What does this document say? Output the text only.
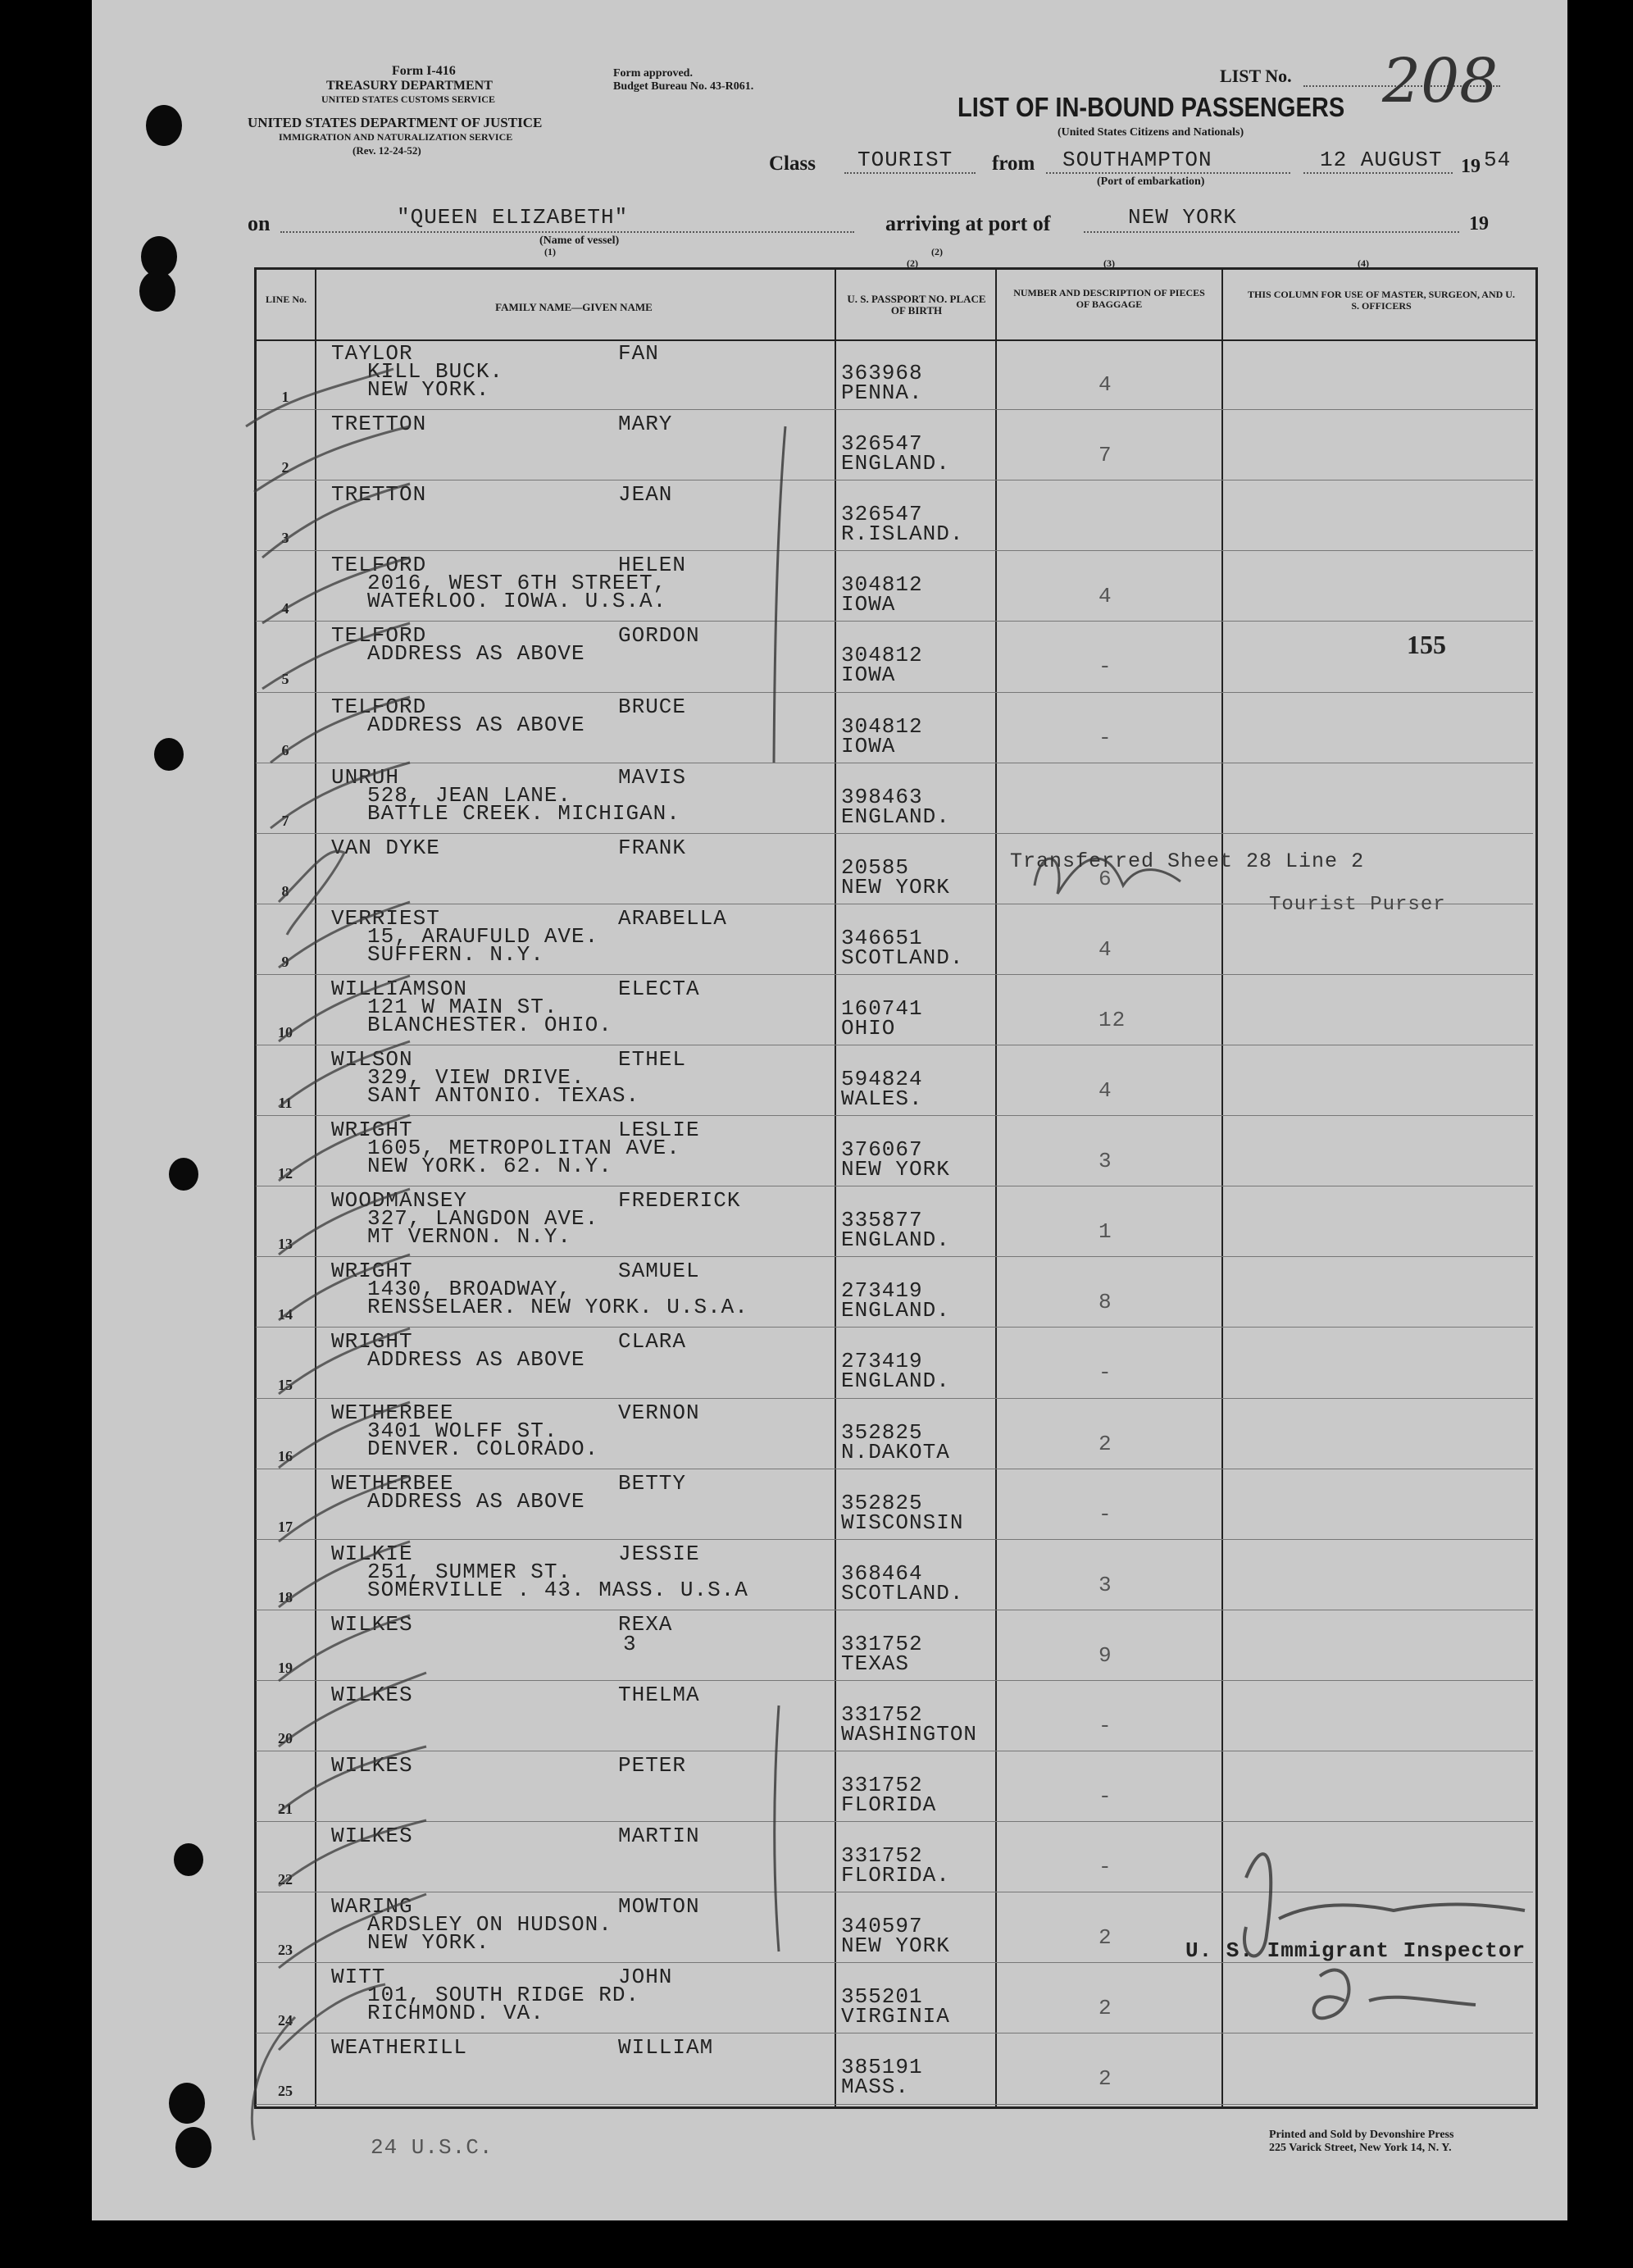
Form I-416
TREASURY DEPARTMENT
UNITED STATES CUSTOMS SERVICE
UNITED STATES DEPARTMENT OF JUSTICE
IMMIGRATION AND NATURALIZATION SERVICE
(Rev. 12-24-52)
Form approved.
Budget Bureau No. 43-R061.
LIST No. 208
LIST OF IN-BOUND PASSENGERS
(United States Citizens and Nationals)
Class TOURIST from SOUTHAMPTON
(Port of embarkation)
12 AUGUST 19 54
on	"QUEEN ELIZABETH"
(Name of vessel)
arriving at port of	NEW YORK	19
(1)	(2)
(2)	(3)	(4)
LINE No.
FAMILY NAME—GIVEN NAME
U. S. PASSPORT NO. PLACE OF BIRTH
NUMBER AND DESCRIPTION OF PIECES OF BAGGAGE
THIS COLUMN FOR USE OF MASTER, SURGEON, AND U. S. OFFICERS
1
TAYLOR	FAN
KILL BUCK.
NEW YORK.
363968
PENNA.	4
2
TRETTON	MARY
326547
ENGLAND.	7
3
TRETTON	JEAN
326547
R.ISLAND.
4
TELFORD	HELEN
2016, WEST 6TH STREET,
WATERLOO. IOWA. U.S.A.
304812
IOWA	4
5
TELFORD	GORDON
ADDRESS AS ABOVE	304812
IOWA	-
6
TELFORD	BRUCE
ADDRESS AS ABOVE	304812
IOWA	-
7
UNRUH	MAVIS
528, JEAN LANE.
BATTLE CREEK. MICHIGAN.
398463
ENGLAND.
8
VAN DYKE	FRANK
20585
NEW YORK	6
9
VERRIEST	ARABELLA
15, ARAUFULD AVE.
SUFFERN. N.Y.
346651
SCOTLAND.	4
10
WILLIAMSON	ELECTA
121 W MAIN ST.
BLANCHESTER. OHIO.
160741
OHIO	12
11
WILSON	ETHEL
329, VIEW DRIVE.
SANT ANTONIO. TEXAS.
594824
WALES.	4
12
WRIGHT	LESLIE
1605, METROPOLITAN AVE.
NEW YORK. 62. N.Y.
376067
NEW YORK	3
13
WOODMANSEY	FREDERICK
327, LANGDON AVE.
MT VERNON. N.Y.
335877
ENGLAND.	1
14
WRIGHT	SAMUEL
1430, BROADWAY,
RENSSELAER. NEW YORK. U.S.A.
273419
ENGLAND.	8
15
WRIGHT	CLARA
ADDRESS AS ABOVE	273419
ENGLAND.	-
16
WETHERBEE	VERNON
3401 WOLFF ST.
DENVER. COLORADO.
352825
N.DAKOTA	2
17
WETHERBEE	BETTY
ADDRESS AS ABOVE	352825
WISCONSIN	-
18
WILKIE	JESSIE
251, SUMMER ST.
SOMERVILLE . 43. MASS. U.S.A
368464
SCOTLAND.	3
19
WILKES	REXA
331752
TEXAS	9
20
WILKES	THELMA
331752
WASHINGTON	-
21
WILKES	PETER
331752
FLORIDA	-
22
WILKES	MARTIN
331752
FLORIDA.	-
23
WARING	MOWTON
ARDSLEY ON HUDSON.
NEW YORK.
340597
NEW YORK	2
24
WITT	JOHN
101, SOUTH RIDGE RD.
RICHMOND. VA.
355201
VIRGINIA	2
25
WEATHERILL	WILLIAM
385191
MASS.	2
155
Transferred Sheet 28 Line 2
Tourist Purser
3
U. S. Immigrant Inspector
24 U.S.C.
Printed and Sold by Devonshire Press
225 Varick Street, New York 14, N. Y.
